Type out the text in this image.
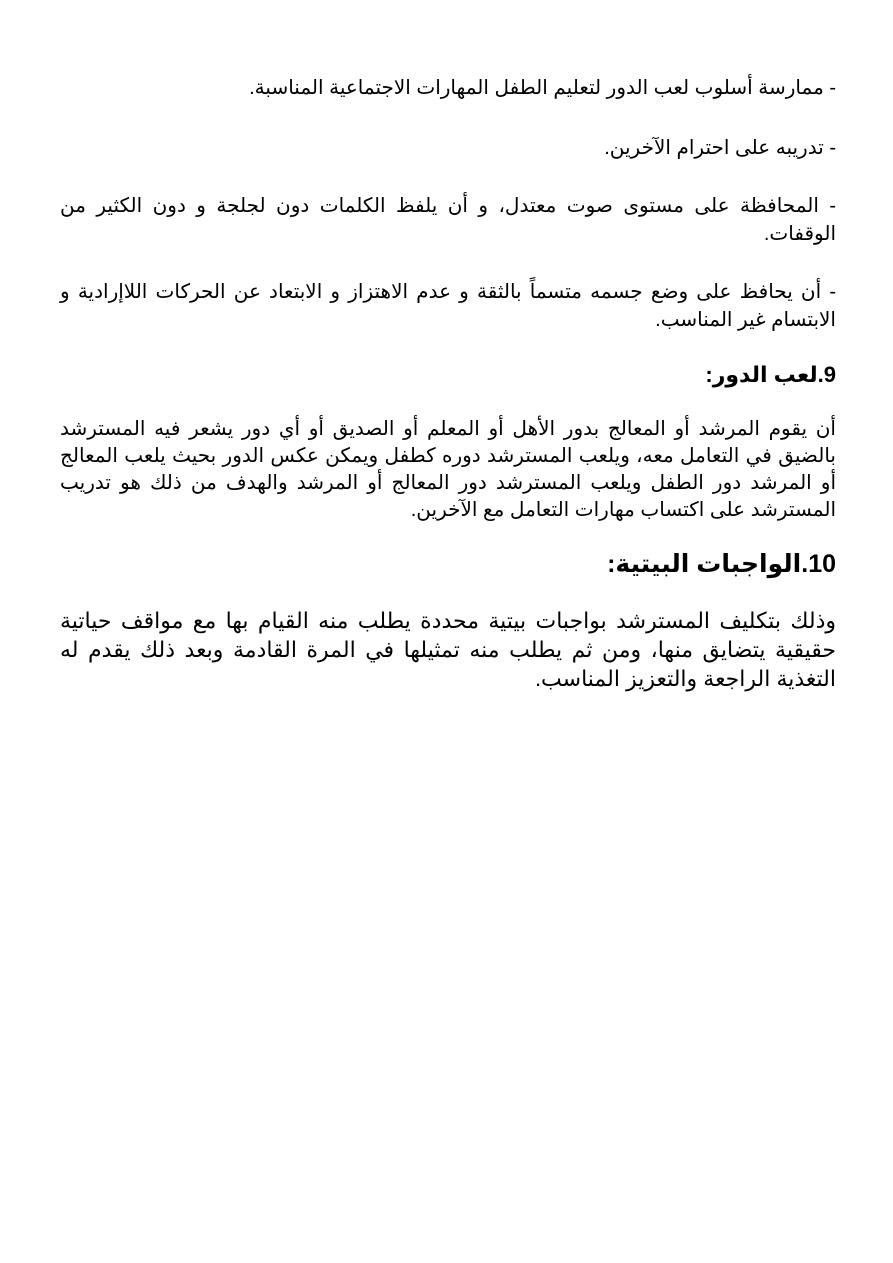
- ممارسة أسلوب لعب الدور لتعليم الطفل المهارات الاجتماعية المناسبة.

- تدريبه على احترام الآخرين.

- المحافظة على مستوى صوت معتدل، و أن يلفظ الكلمات دون لجلجة و دون الكثير من الوقفات.

- أن يحافظ على وضع جسمه متسماً بالثقة و عدم الاهتزاز و الابتعاد عن الحركات اللاإرادية و الابتسام غير المناسب.

9.لعب الدور:

أن يقوم المرشد أو المعالج بدور الأهل أو المعلم أو الصديق أو أي دور يشعر فيه المسترشد بالضيق في التعامل معه، ويلعب المسترشد دوره كطفل ويمكن عكس الدور بحيث يلعب المعالج أو المرشد دور الطفل ويلعب المسترشد دور المعالج أو المرشد والهدف من ذلك هو تدريب المسترشد على اكتساب مهارات التعامل مع الآخرين.

10.الواجبات البيتية:

وذلك بتكليف المسترشد بواجبات بيتية محددة يطلب منه القيام بها مع مواقف حياتية حقيقية يتضايق منها، ومن ثم يطلب منه تمثيلها في المرة القادمة وبعد ذلك يقدم له التغذية الراجعة والتعزيز المناسب.
